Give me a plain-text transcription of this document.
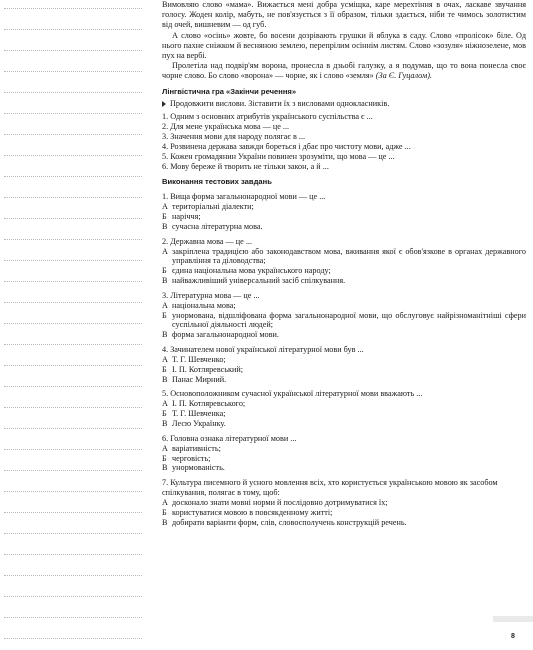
Вимовляю слово «мама». Вижається мені добра усміщка, каре мерехтіння в очах, ласкаве звучання голосу. Жоден колір, мабуть, не пов'язується з її образом, тільки здається, ніби те чимось золотистим від очей, вишневим — од губ.

А слово «осінь» жовте, бо восени дозрівають грушки й яблука в саду. Слово «пролісок» біле. Од нього пахне сніжком й весняною землею, перепрілим осіннім листям. Слово «зозуля» ніжнозелене, мов пух на вербі.

Пролетіла над подвір'ям ворона, пронесла в дзьобі галузку, а я подумав, що то вона понесла своє чорне слово. Бо слово «ворона» — чорне, як і слово «земля» (За Є. Гуцалом).

Лінгвістична гра «Закінчи речення»
Продовжити вислови. Зіставити їх з висловами однокласників.
1. Одним з основних атрибутів українського суспільства є ...
2. Для мене українська мова — це ...
3. Значення мови для народу полягає в ...
4. Розвинена держава завжди бореться і дбає про чистоту мови, адже ...
5. Кожен громадянин України повинен зрозуміти, що мова — це ...
6. Мову береже й творить не тільки закон, а й ...
Виконання тестових завдань
1. Вища форма загальнонародної мови — це ...
А територіальні діалекти;
Б наріччя;
В сучасна літературна мова.
2. Державна мова — це ...
А закріплена традицією або законодавством мова, вживання якої є обов'язкове в органах державного управління та діловодства;
Б єдина національна мова українського народу;
В найважливіший універсальний засіб спілкування.
3. Літературна мова — це ...
А національна мова;
Б унормована, відшліфована форма загальнонародної мови, що обслуговує найрізноманітніші сфери суспільної діяльності людей;
В форма загальнонародної мови.
4. Зачинателем нової української літературної мови був ...
А Т. Г. Шевченко;
Б І. П. Котляревський;
В Панас Мирний.
5. Основоположником сучасної української літературної мови вважають ...
А І. П. Котляревського;
Б Т. Г. Шевченка;
В Лесю Українку.
6. Головна ознака літературної мови ...
А варіативність;
Б черговість;
В унормованість.
7. Культура писемного й усного мовлення всіх, хто користується українською мовою як засобом спілкування, полягає в тому, щоб:
А досконало знати мовні норми й послідовно дотримуватися їх;
Б користуватися мовою в повсякденному житті;
В добирати варіанти форм, слів, словосполучень конструкцій речень.
8
